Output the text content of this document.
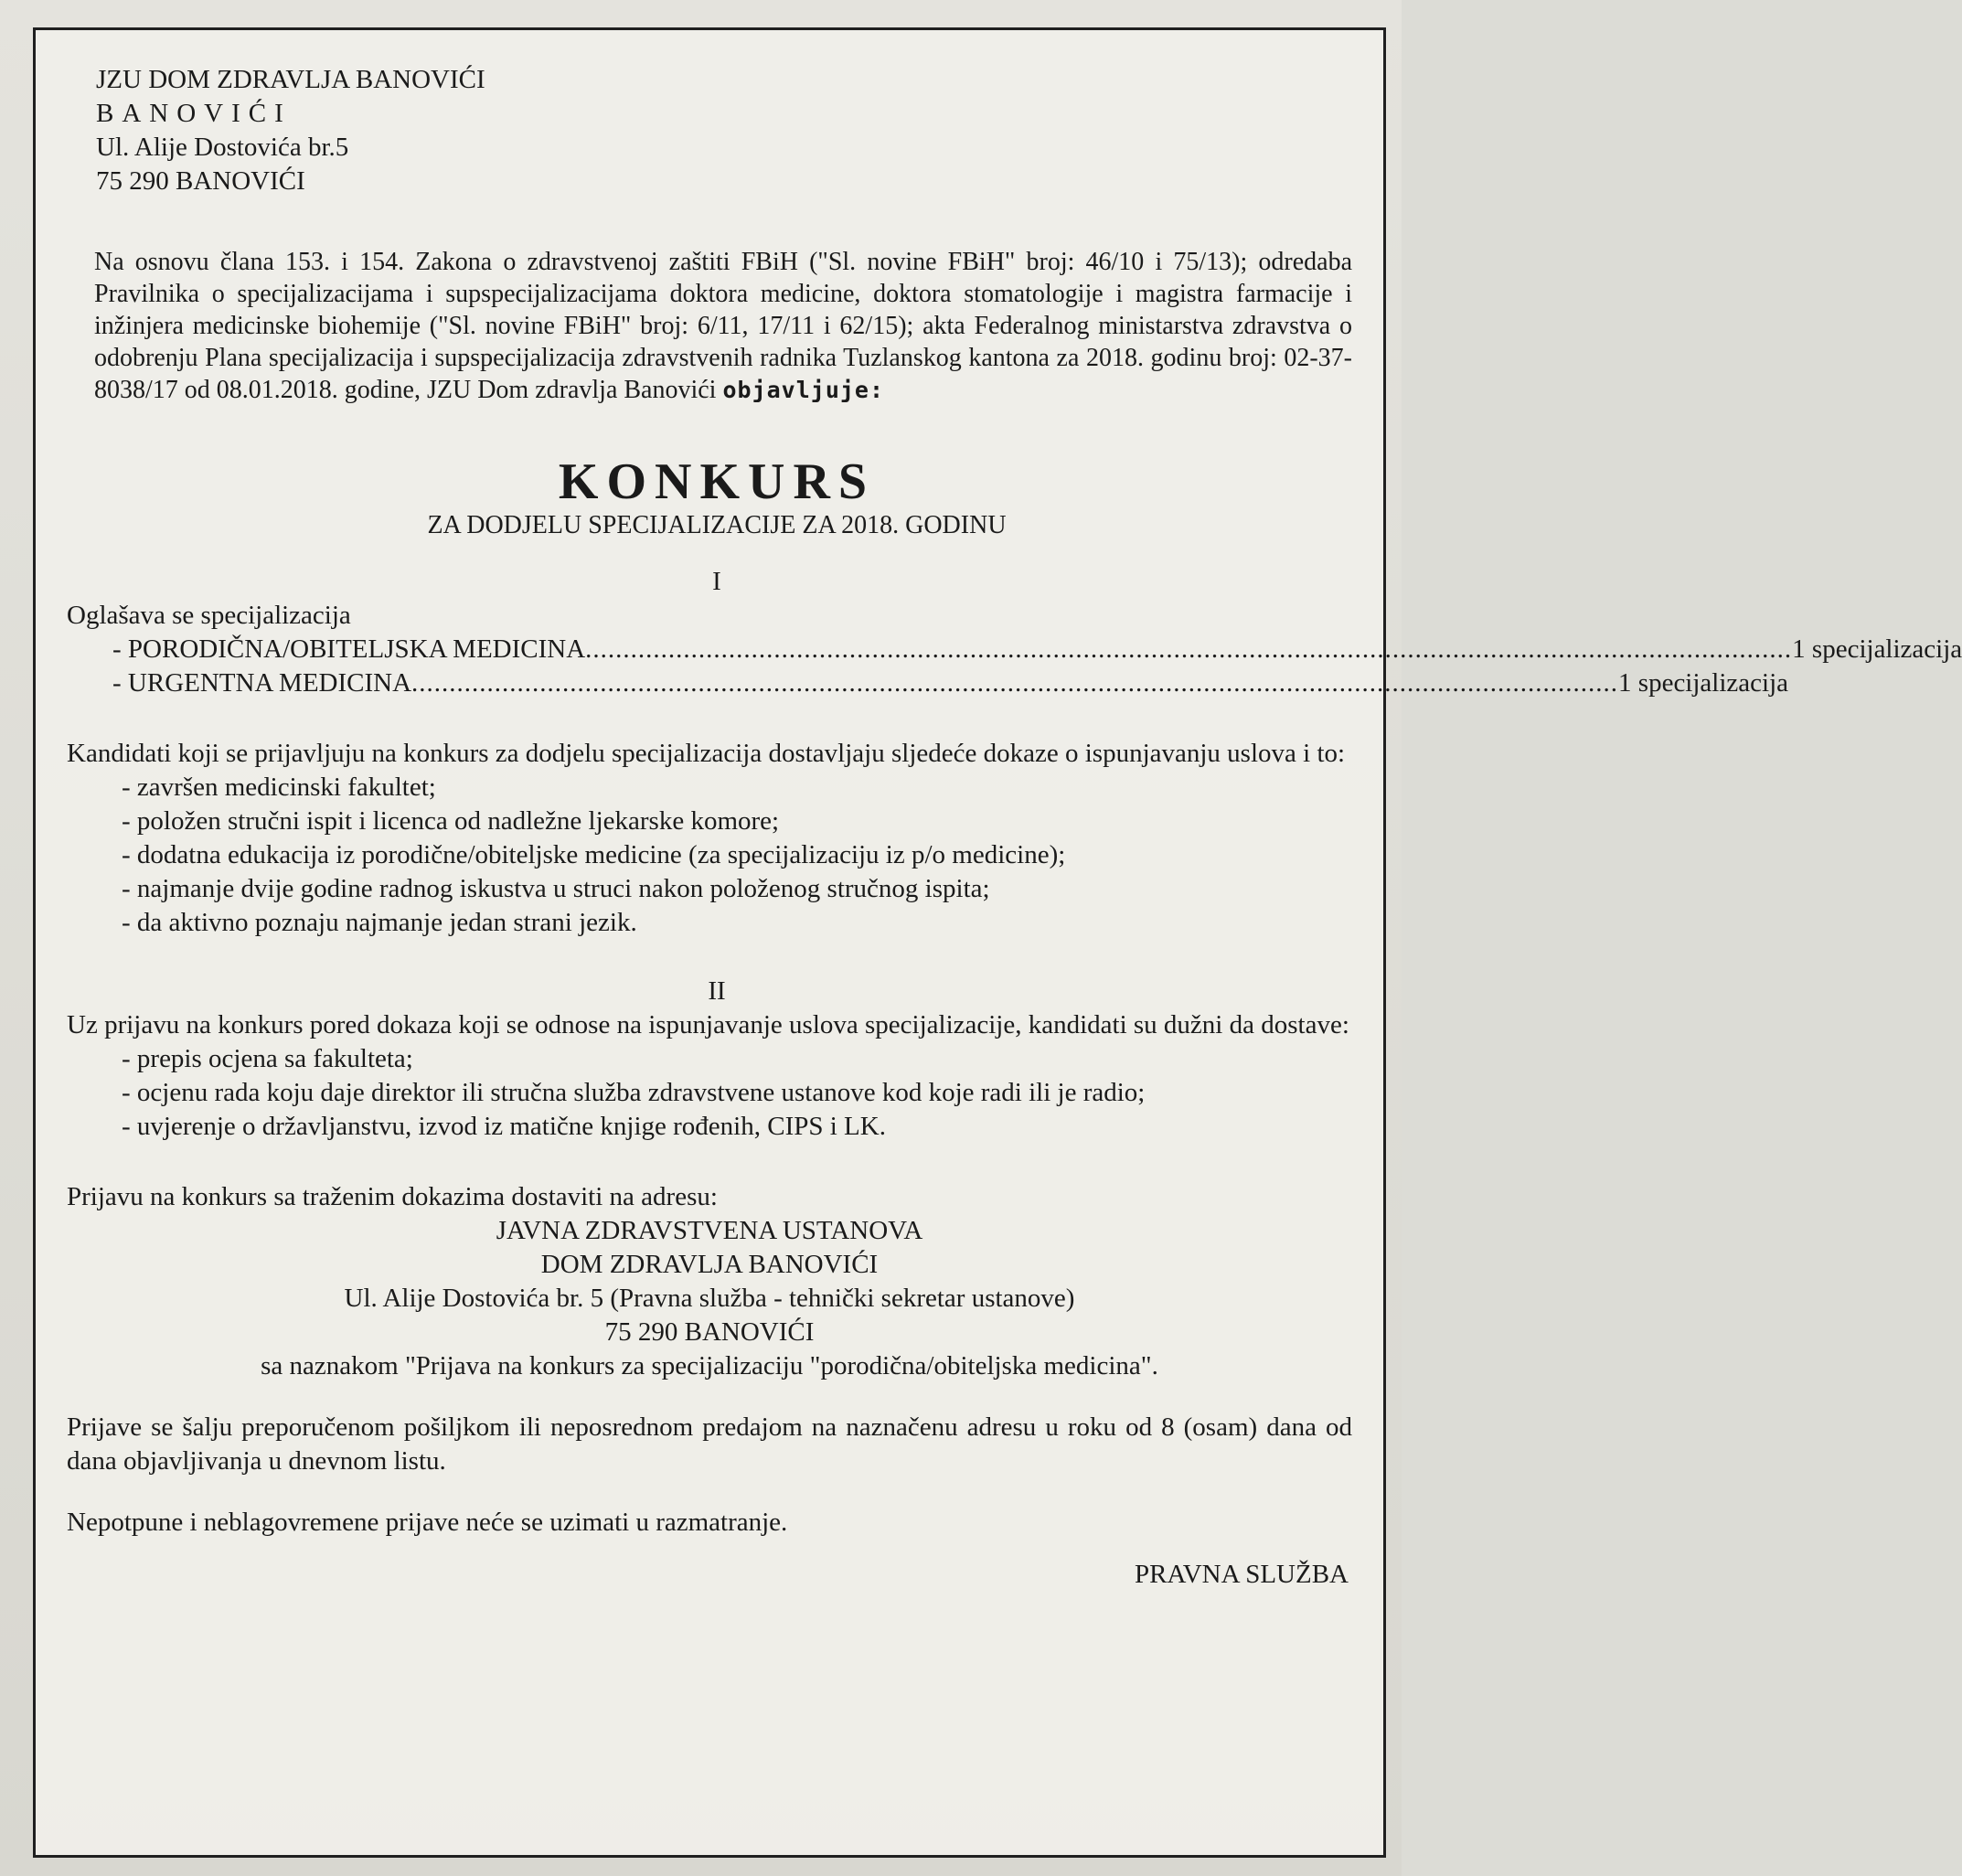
JZU DOM ZDRAVLJA BANOVIĆI
BANOVIĆI
Ul. Alije Dostovića br.5
75 290 BANOVIĆI
Na osnovu člana 153. i 154. Zakona o zdravstvenoj zaštiti FBiH ("Sl. novine FBiH" broj: 46/10 i 75/13); odredaba Pravilnika o specijalizacijama i supspecijalizacijama doktora medicine, doktora stomatologije i magistra farmacije i inžinjera medicinske biohemije ("Sl. novine FBiH" broj: 6/11, 17/11 i 62/15); akta Federalnog ministarstva zdravstva o odobrenju Plana specijalizacija i supspecijalizacija zdravstvenih radnika Tuzlanskog kantona za 2018. godinu broj: 02-37-8038/17 od 08.01.2018. godine, JZU Dom zdravlja Banovići objavljuje:
KONKURS
ZA DODJELU SPECIJALIZACIJE ZA 2018. GODINU
I
Oglašava se specijalizacija
- PORODIČNA/OBITELJSKA MEDICINA ................................................................................................................................................................ 1 specijalizacija
- URGENTNA MEDICINA ................................................................................................................................................................ 1 specijalizacija
Kandidati koji se prijavljuju na konkurs za dodjelu specijalizacija dostavljaju sljedeće dokaze o ispunjavanju uslova i to:
- završen medicinski fakultet;
- položen stručni ispit i licenca od nadležne ljekarske komore;
- dodatna edukacija iz porodične/obiteljske medicine (za specijalizaciju iz p/o medicine);
- najmanje dvije godine radnog iskustva u struci nakon položenog stručnog ispita;
- da aktivno poznaju najmanje jedan strani jezik.
II
Uz prijavu na konkurs pored dokaza koji se odnose na ispunjavanje uslova specijalizacije, kandidati su dužni da dostave:
- prepis ocjena sa fakulteta;
- ocjenu rada koju daje direktor ili stručna služba zdravstvene ustanove kod koje radi ili je radio;
- uvjerenje o državljanstvu, izvod iz matične knjige rođenih, CIPS i LK.
Prijavu na konkurs sa traženim dokazima dostaviti na adresu:
JAVNA ZDRAVSTVENA USTANOVA
DOM ZDRAVLJA BANOVIĆI
Ul. Alije Dostovića br. 5 (Pravna služba - tehnički sekretar ustanove)
75 290 BANOVIĆI
sa naznakom "Prijava na konkurs za specijalizaciju "porodična/obiteljska medicina".
Prijave se šalju preporučenom pošiljkom ili neposrednom predajom na naznačenu adresu u roku od 8 (osam) dana od dana objavljivanja u dnevnom listu.
Nepotpune i neblagovremene prijave neće se uzimati u razmatranje.
PRAVNA SLUŽBA
